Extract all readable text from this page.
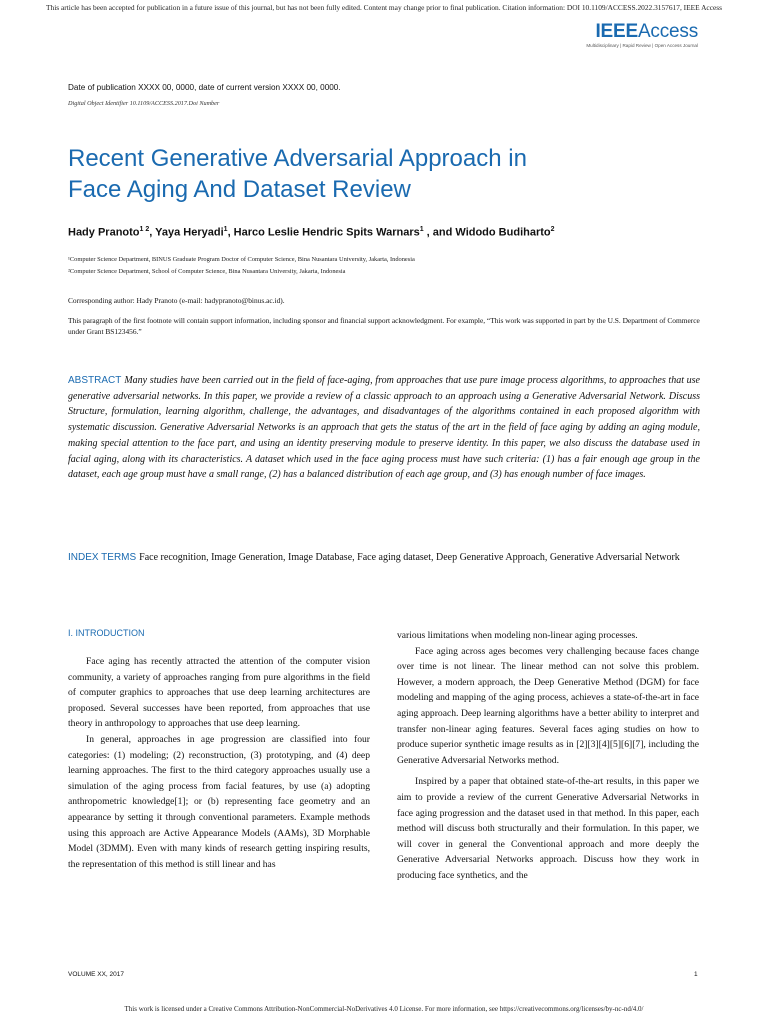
This article has been accepted for publication in a future issue of this journal, but has not been fully edited. Content may change prior to final publication. Citation information: DOI 10.1109/ACCESS.2022.3157617, IEEE Access
IEEEAccess
Multidisciplinary | Rapid Review | Open Access Journal
Date of publication XXXX 00, 0000, date of current version XXXX 00, 0000.
Digital Object Identifier 10.1109/ACCESS.2017.Doi Number
Recent Generative Adversarial Approach in
Face Aging And Dataset Review
Hady Pranoto$^{1 2}$, Yaya Heryadi$^1$, Harco Leslie Hendric Spits Warnars$^1$ , and Widodo Budiharto$^2$
¹Computer Science Department, BINUS Graduate Program Doctor of Computer Science, Bina Nusantara University, Jakarta, Indonesia
²Computer Science Department, School of Computer Science, Bina Nusantara University, Jakarta, Indonesia
Corresponding author: Hady Pranoto (e-mail: hadypranoto@binus.ac.id).
This paragraph of the first footnote will contain support information, including sponsor and financial support acknowledgment. For example, “This work was supported in part by the U.S. Department of Commerce under Grant BS123456.”
ABSTRACT Many studies have been carried out in the field of face-aging, from approaches that use pure image process algorithms, to approaches that use generative adversarial networks. In this paper, we provide a review of a classic approach to an approach using a Generative Adversarial Network. Discuss Structure, formulation, learning algorithm, challenge, the advantages, and disadvantages of the algorithms contained in each proposed algorithm with systematic discussion. Generative Adversarial Networks is an approach that gets the status of the art in the field of face aging by adding an aging module, making special attention to the face part, and using an identity preserving module to preserve identity. In this paper, we also discuss the database used in facial aging, along with its characteristics. A dataset which used in the face aging process must have such criteria: (1) has a fair enough age group in the dataset, each age group must have a small range, (2) has a balanced distribution of each age group, and (3) has enough number of face images.
INDEX TERMS Face recognition, Image Generation, Image Database, Face aging dataset, Deep Generative Approach, Generative Adversarial Network
I. INTRODUCTION

Face aging has recently attracted the attention of the computer vision community, a variety of approaches ranging from pure algorithms in the field of computer graphics to approaches that use deep learning architectures are proposed. Several successes have been reported, from approaches that use theory in anthropology to approaches that use deep learning.

In general, approaches in age progression are classified into four categories: (1) modeling; (2) reconstruction, (3) prototyping, and (4) deep learning approaches. The first to the third category approaches usually use a simulation of the aging process from facial features, by use (a) adopting anthropometric knowledge[1]; or (b) representing face geometry and an appearance by setting it through conventional parameters. Example methods using this approach are Active Appearance Models (AAMs), 3D Morphable Model (3DMM). Even with many kinds of research getting inspiring results, the representation of this method is still linear and has

various limitations when modeling non-linear aging processes.

Face aging across ages becomes very challenging because faces change over time is not linear. The linear method can not solve this problem. However, a modern approach, the Deep Generative Method (DGM) for face modeling and mapping of the aging process, achieves a state-of-the-art in face aging approach. Deep learning algorithms have a better ability to interpret and transfer non-linear aging features. Several faces aging studies on how to produce superior synthetic image results as in [2][3][4][5][6][7], including the Generative Adversarial Networks method.

Inspired by a paper that obtained state-of-the-art results, in this paper we aim to provide a review of the current Generative Adversarial Networks in face aging progression and the dataset used in that method. In this paper, each method will discuss both structurally and their formulation. In this paper, we will cover in general the Conventional approach and more deeply the Generative Adversarial Networks approach. Discuss how they work in producing face synthetics, and the

VOLUME XX, 2017	1
This work is licensed under a Creative Commons Attribution-NonCommercial-NoDerivatives 4.0 License. For more information, see https://creativecommons.org/licenses/by-nc-nd/4.0/
